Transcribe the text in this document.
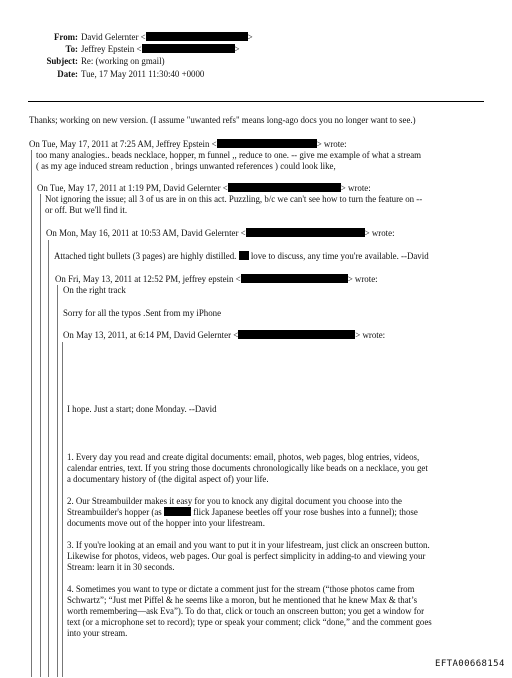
From: David Gelernter <	>
To: Jeffrey Epstein <	>
Subject: Re: (working on gmail)
Date: Tue, 17 May 2011 11:30:40 +0000
Thanks; working on new version. (I assume "uwanted refs" means long-ago docs you no longer want to see.)
On Tue, May 17, 2011 at 7:25 AM, Jeffrey Epstein <	> wrote:
too many analogies.. beads necklace, hopper, m funnel ,, reduce to one. -- give me example of what a stream
( as my age induced stream reduction , brings unwanted references ) could look like,
On Tue, May 17, 2011 at 1:19 PM, David Gelernter <	> wrote:
Not ignoring the issue; all 3 of us are in on this act. Puzzling, b/c we can't see how to turn the feature on --
or off. But we'll find it.
On Mon, May 16, 2011 at 10:53 AM, David Gelernter <	> wrote:
Attached tight bullets (3 pages) are highly distilled. love to discuss, any time you're available. --David
On Fri, May 13, 2011 at 12:52 PM, jeffrey epstein <	> wrote:
On the right track
Sorry for all the typos .Sent from my iPhone
On May 13, 2011, at 6:14 PM, David Gelernter <	> wrote:
I hope. Just a start; done Monday. --David
1. Every day you read and create digital documents: email, photos, web pages, blog entries, videos,
calendar entries, text. If you string those documents chronologically like beads on a necklace, you get
a documentary history of (the digital aspect of) your life.
2. Our Streambuilder makes it easy for you to knock any digital document you choose into the
Streambuilder's hopper (as	flick Japanese beetles off your rose bushes into a funnel); those
documents move out of the hopper into your lifestream.
3. If you're looking at an email and you want to put it in your lifestream, just click an onscreen button.
Likewise for photos, videos, web pages. Our goal is perfect simplicity in adding-to and viewing your
Stream: learn it in 30 seconds.
4. Sometimes you want to type or dictate a comment just for the stream (“those photos came from
Schwartz”; “Just met Piffel & he seems like a moron, but he mentioned that he knew Max & that’s
worth remembering—ask Eva”). To do that, click or touch an onscreen button; you get a window for
text (or a microphone set to record); type or speak your comment; click “done,” and the comment goes
into your stream.
EFTA00668154
